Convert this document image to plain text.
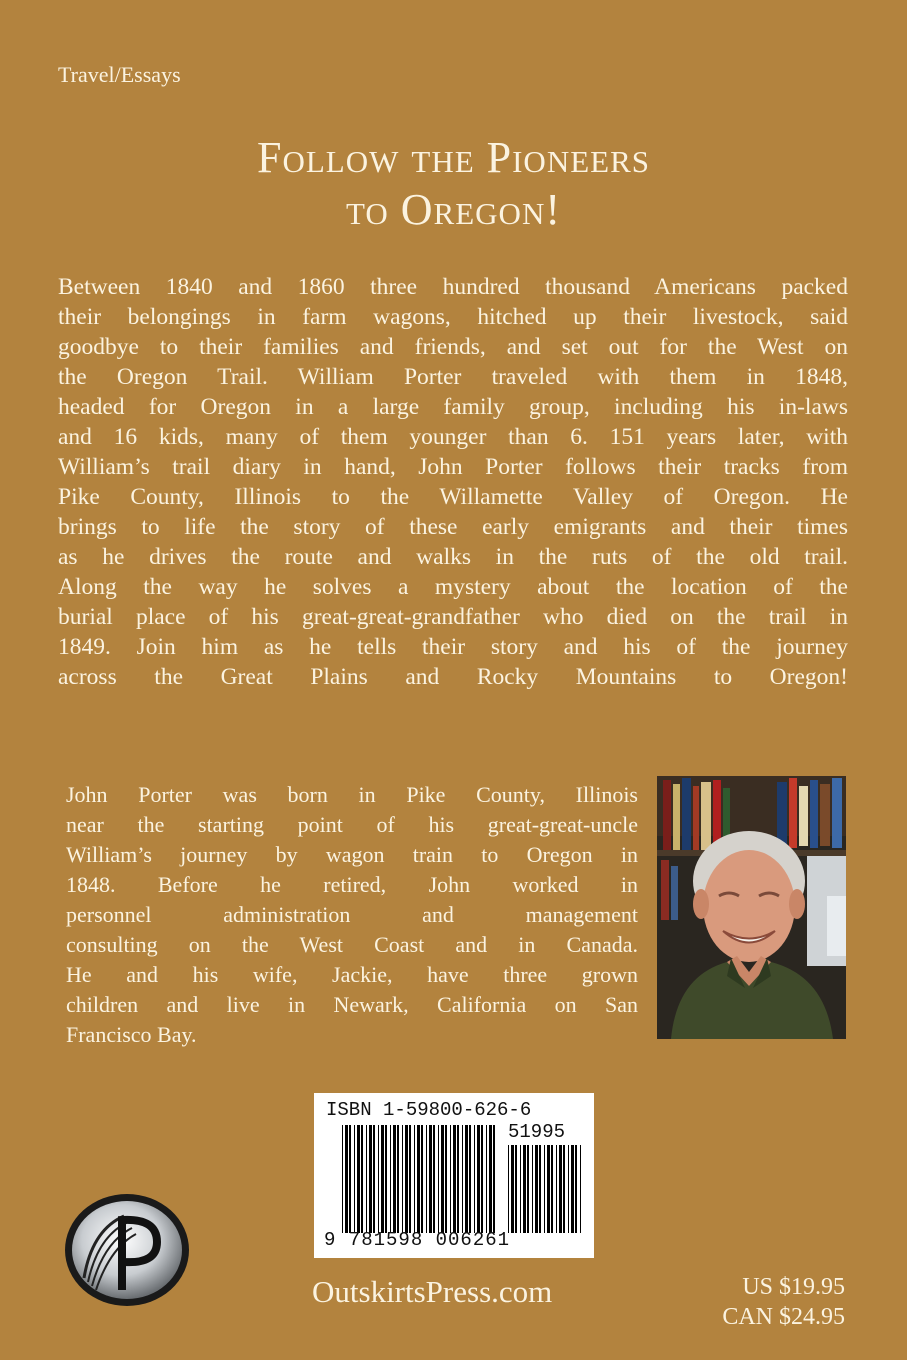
Travel/Essays
Follow the Pioneers
to Oregon!
Between 1840 and 1860 three hundred thousand Americans packed
their belongings in farm wagons, hitched up their livestock, said
goodbye to their families and friends, and set out for the West on
the Oregon Trail. William Porter traveled with them in 1848,
headed for Oregon in a large family group, including his in-laws
and 16 kids, many of them younger than 6. 151 years later, with
William’s trail diary in hand, John Porter follows their tracks from
Pike County, Illinois to the Willamette Valley of Oregon. He
brings to life the story of these early emigrants and their times
as he drives the route and walks in the ruts of the old trail.
Along the way he solves a mystery about the location of the
burial place of his great-great-grandfather who died on the trail in
1849. Join him as he tells their story and his of the journey
across the Great Plains and Rocky Mountains to Oregon!
John Porter was born in Pike County, Illinois
near the starting point of his great-great-uncle
William’s journey by wagon train to Oregon in
1848. Before he retired, John worked in
personnel administration and management
consulting on the West Coast and in Canada.
He and his wife, Jackie, have three grown
children and live in Newark, California on San
Francisco Bay.
ISBN 1-59800-626-6
51995
9 781598 006261
OutskirtsPress.com	US $19.95
CAN $24.95
